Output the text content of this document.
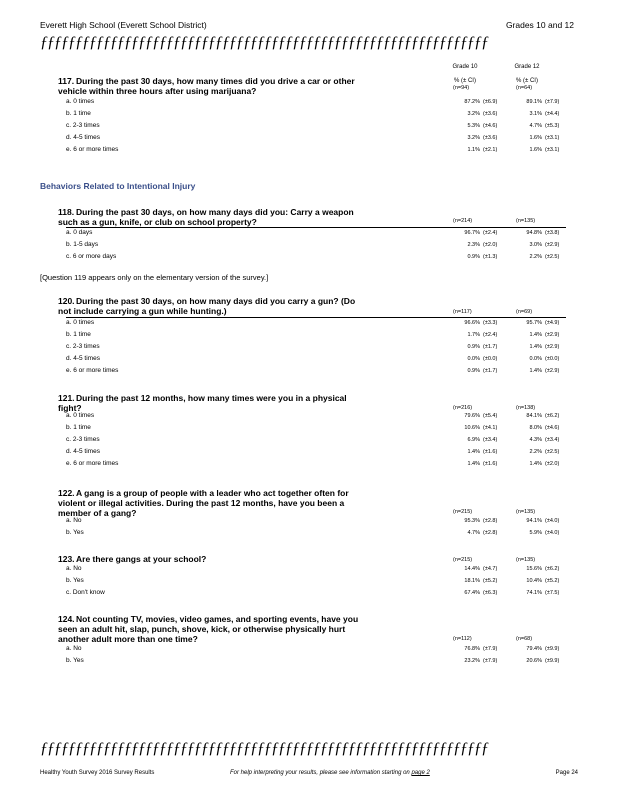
Everett High School (Everett School District)	Grades 10 and 12
ƒƒƒƒƒƒƒƒƒƒƒƒƒƒƒƒƒƒƒƒƒƒƒƒƒƒƒƒƒƒƒƒƒƒƒƒƒƒƒƒƒƒƒƒƒƒƒƒƒƒƒƒƒƒƒƒƒƒƒƒƒƒƒƒ
Grade 10	Grade 12
% (± CI)	% (± CI)
117. During the past 30 days, how many times did you drive a car or other vehicle within three hours after using marijuana?	(n=94)	(n=64)
a. 0 times	87.2% (±6.9)	89.1% (±7.9)
b. 1 time	3.2% (±3.6)	3.1% (±4.4)
c. 2-3 times	5.3% (±4.6)	4.7% (±5.3)
d. 4-5 times	3.2% (±3.6)	1.6% (±3.1)
e. 6 or more times	1.1% (±2.1)	1.6% (±3.1)
Behaviors Related to Intentional Injury
118. During the past 30 days, on how many days did you: Carry a weapon such as a gun, knife, or club on school property?	(n=214)	(n=135)
a. 0 days	96.7% (±2.4)	94.8% (±3.8)
b. 1-5 days	2.3% (±2.0)	3.0% (±2.9)
c. 6 or more days	0.9% (±1.3)	2.2% (±2.5)
[Question 119 appears only on the elementary version of the survey.]
120.During the past 30 days, on how many days did you carry a gun? (Do not include carrying a gun while hunting.)	(n=117)	(n=69)
a. 0 times	96.6% (±3.3)	95.7% (±4.9)
b. 1 time	1.7% (±2.4)	1.4% (±2.9)
c. 2-3 times	0.9% (±1.7)	1.4% (±2.9)
d. 4-5 times	0.0% (±0.0)	0.0% (±0.0)
e. 6 or more times	0.9% (±1.7)	1.4% (±2.9)
121.During the past 12 months, how many times were you in a physical fight?	(n=216)	(n=138)
a. 0 times	79.6% (±5.4)	84.1% (±6.2)
b. 1 time	10.6% (±4.1)	8.0% (±4.6)
c. 2-3 times	6.9% (±3.4)	4.3% (±3.4)
d. 4-5 times	1.4% (±1.6)	2.2% (±2.5)
e. 6 or more times	1.4% (±1.6)	1.4% (±2.0)
122.A gang is a group of people with a leader who act together often for violent or illegal activities. During the past 12 months, have you been a member of a gang?	(n=215)	(n=135)
a. No	95.3% (±2.8)	94.1% (±4.0)
b. Yes	4.7% (±2.8)	5.9% (±4.0)
123.Are there gangs at your school?	(n=215)	(n=135)
a. No	14.4% (±4.7)	15.6% (±6.2)
b. Yes	18.1% (±5.2)	10.4% (±5.2)
c. Don't know	67.4% (±6.3)	74.1% (±7.5)
124.Not counting TV, movies, video games, and sporting events, have you seen an adult hit, slap, punch, shove, kick, or otherwise physically hurt another adult more than one time?	(n=112)	(n=68)
a. No	76.8% (±7.9)	79.4% (±9.9)
b. Yes	23.2% (±7.9)	20.6% (±9.9)
ƒƒƒƒƒƒƒƒƒƒƒƒƒƒƒƒƒƒƒƒƒƒƒƒƒƒƒƒƒƒƒƒƒƒƒƒƒƒƒƒƒƒƒƒƒƒƒƒƒƒƒƒƒƒƒƒƒƒƒƒƒƒƒƒ
Healthy Youth Survey 2016 Survey Results	For help interpreting your results, please see information starting on page 2	Page 24
